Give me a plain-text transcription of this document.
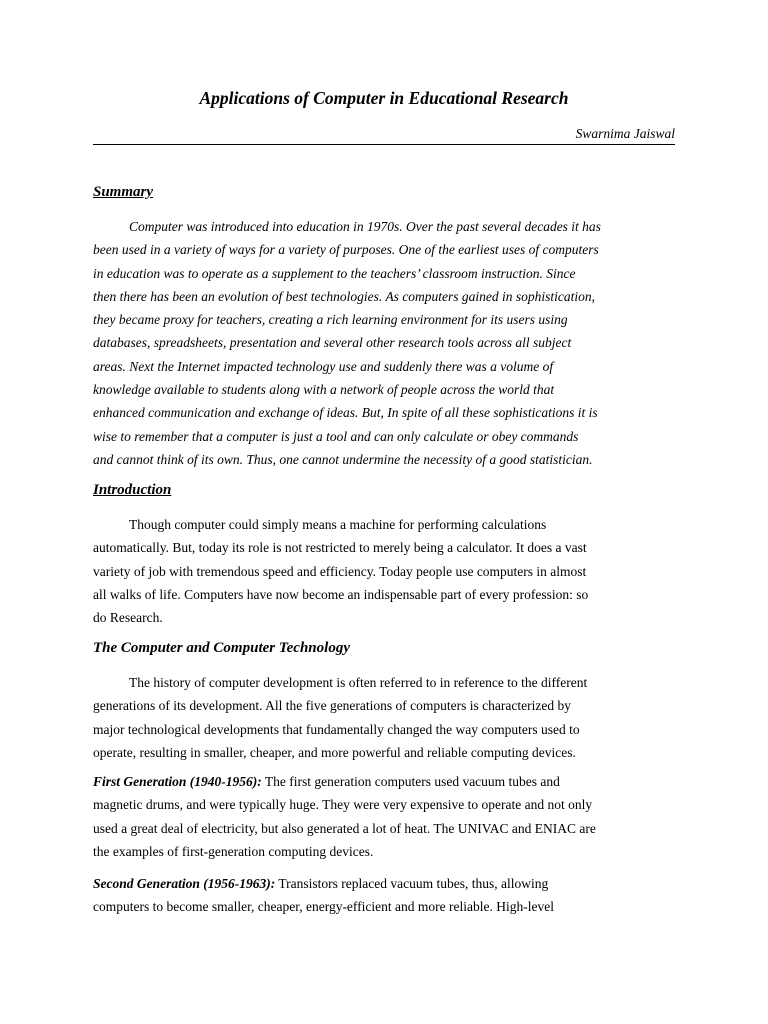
Applications of Computer in Educational Research
Swarnima Jaiswal
Summary
Computer was introduced into education in 1970s. Over the past several decades it has
been used in a variety of ways for a variety of purposes. One of the earliest uses of computers
in education was to operate as a supplement to the teachers’ classroom instruction. Since
then there has been an evolution of best technologies. As computers gained in sophistication,
they became proxy for teachers, creating a rich learning environment for its users using
databases, spreadsheets, presentation and several other research tools across all subject
areas. Next the Internet impacted technology use and suddenly there was a volume of
knowledge available to students along with a network of people across the world that
enhanced communication and exchange of ideas. But, In spite of all these sophistications it is
wise to remember that a computer is just a tool and can only calculate or obey commands
and cannot think of its own. Thus, one cannot undermine the necessity of a good statistician.
Introduction
Though computer could simply means a machine for performing calculations
automatically. But, today its role is not restricted to merely being a calculator. It does a vast
variety of job with tremendous speed and efficiency. Today people use computers in almost
all walks of life. Computers have now become an indispensable part of every profession: so
do Research.
The Computer and Computer Technology
The history of computer development is often referred to in reference to the different
generations of its development. All the five generations of computers is characterized by
major technological developments that fundamentally changed the way computers used to
operate, resulting in smaller, cheaper, and more powerful and reliable computing devices.
First Generation (1940-1956): The first generation computers used vacuum tubes and
magnetic drums, and were typically huge. They were very expensive to operate and not only
used a great deal of electricity, but also generated a lot of heat. The UNIVAC and ENIAC are
the examples of first-generation computing devices.
Second Generation (1956-1963): Transistors replaced vacuum tubes, thus, allowing
computers to become smaller, cheaper, energy-efficient and more reliable. High-level
